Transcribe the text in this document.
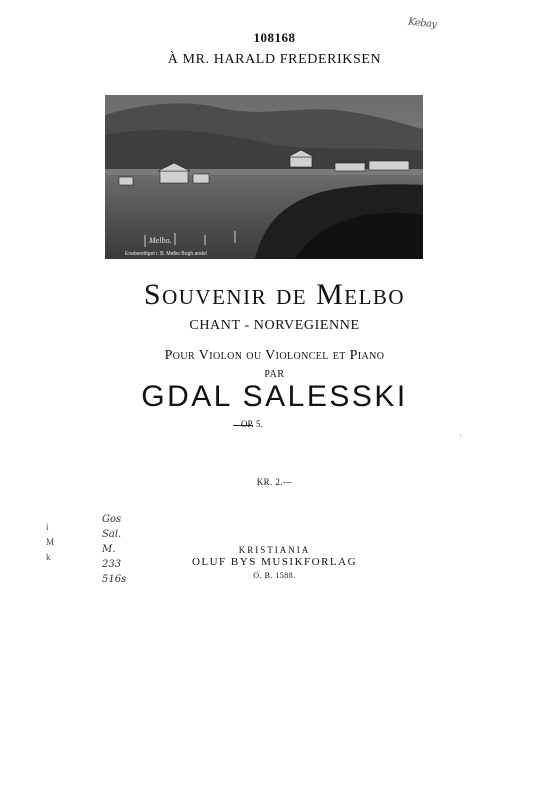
108168
Kebay
À MR. HARALD FREDERIKSEN
Melbo.
Eneberettiget r. B. Melbo Bogh.andel
Souvenir de Melbo
CHANT - NORVEGIENNE
Pour Violon ou Violoncel et Piano
PAR
GDAL SALESSKI
OP. 5.
ʾ
KR. 2.—
Gos
Sal.
M.
233
516s
i
M
k
KRISTIANIA
OLUF BYS MUSIKFORLAG
O. B. 1588.
